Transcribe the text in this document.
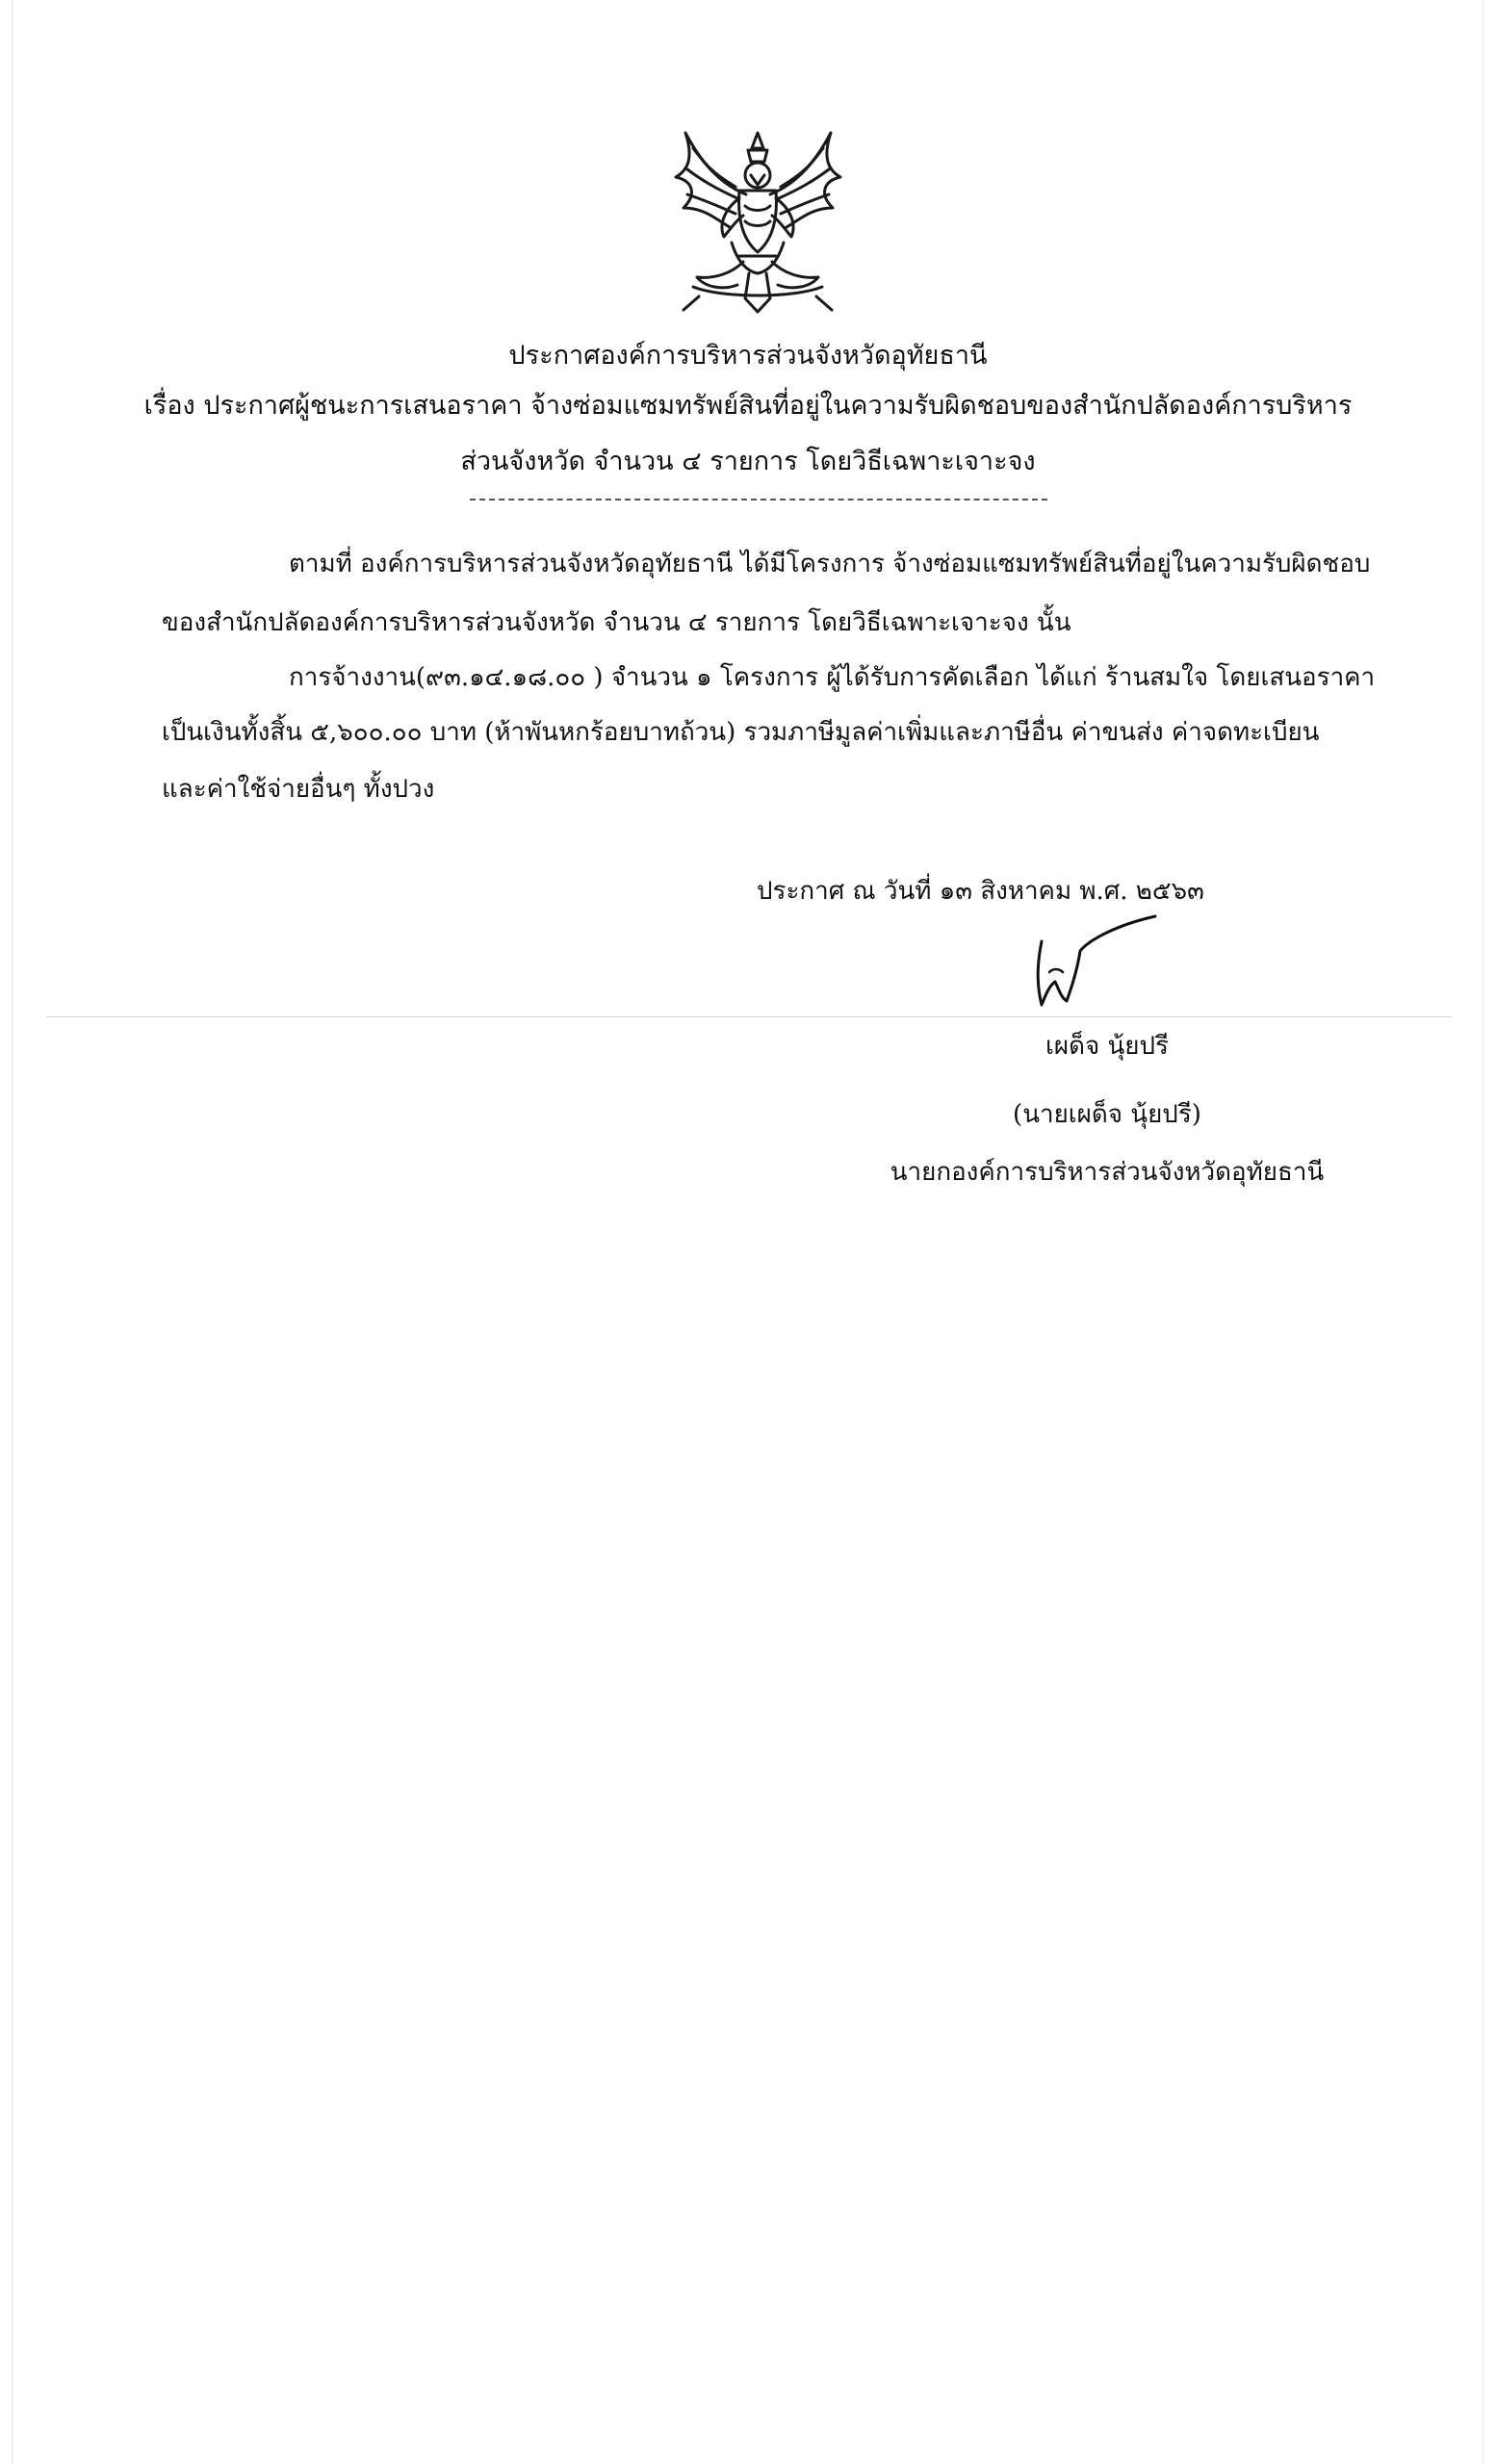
ประกาศองค์การบริหารส่วนจังหวัดอุทัยธานี
เรื่อง ประกาศผู้ชนะการเสนอราคา จ้างซ่อมแซมทรัพย์สินที่อยู่ในความรับผิดชอบของสำนักปลัดองค์การบริหาร
ส่วนจังหวัด จำนวน ๔ รายการ โดยวิธีเฉพาะเจาะจง
ตามที่ องค์การบริหารส่วนจังหวัดอุทัยธานี ได้มีโครงการ จ้างซ่อมแซมทรัพย์สินที่อยู่ในความรับผิดชอบ
ของสำนักปลัดองค์การบริหารส่วนจังหวัด จำนวน ๔ รายการ โดยวิธีเฉพาะเจาะจง นั้น
การจ้างงาน(๙๓.๑๔.๑๘.๐๐ ) จำนวน ๑ โครงการ ผู้ได้รับการคัดเลือก ได้แก่ ร้านสมใจ โดยเสนอราคา
เป็นเงินทั้งสิ้น ๕,๖๐๐.๐๐ บาท (ห้าพันหกร้อยบาทถ้วน) รวมภาษีมูลค่าเพิ่มและภาษีอื่น ค่าขนส่ง ค่าจดทะเบียน
และค่าใช้จ่ายอื่นๆ ทั้งปวง
ประกาศ ณ วันที่ ๑๓ สิงหาคม พ.ศ. ๒๕๖๓
เผด็จ นุ้ยปรี
(นายเผด็จ นุ้ยปรี)
นายกองค์การบริหารส่วนจังหวัดอุทัยธานี
